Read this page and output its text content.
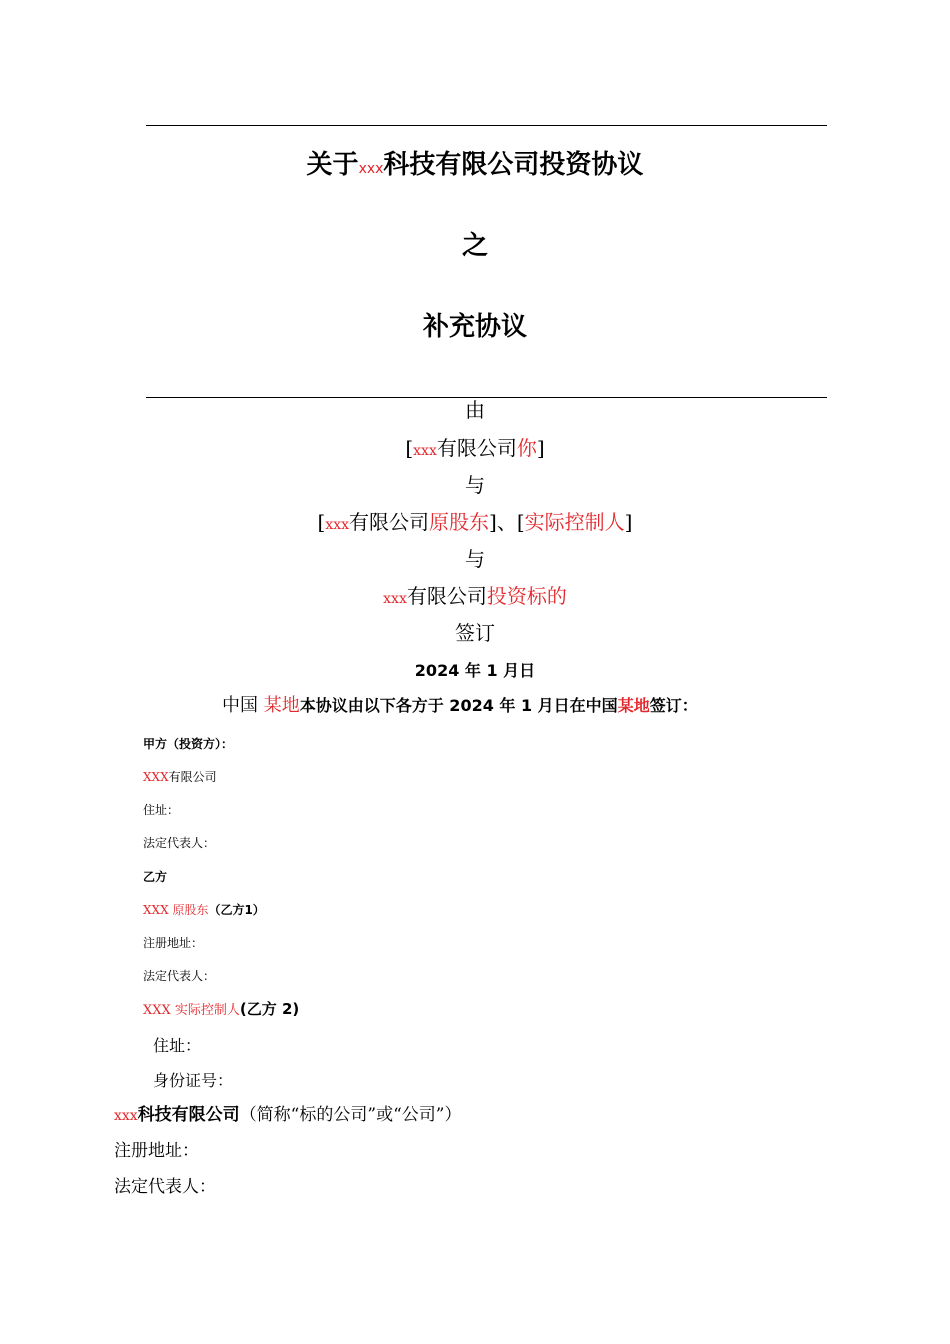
关于xxx科技有限公司投资协议
之
补充协议
由
[xxx有限公司你]
与
[xxx有限公司原股东]、[实际控制人]
与
xxx有限公司投资标的
签订
2024 年 1 月日
中国 某地本协议由以下各方于 2024 年 1 月日在中国某地签订：
甲方（投资方）：
XXX有限公司
住址：
法定代表人：
乙方
XXX 原股东（乙方1）
注册地址：
法定代表人：
XXX 实际控制人(乙方 2)
住址：
身份证号：
xxx科技有限公司（简称“标的公司”或“公司”）
注册地址：
法定代表人：
